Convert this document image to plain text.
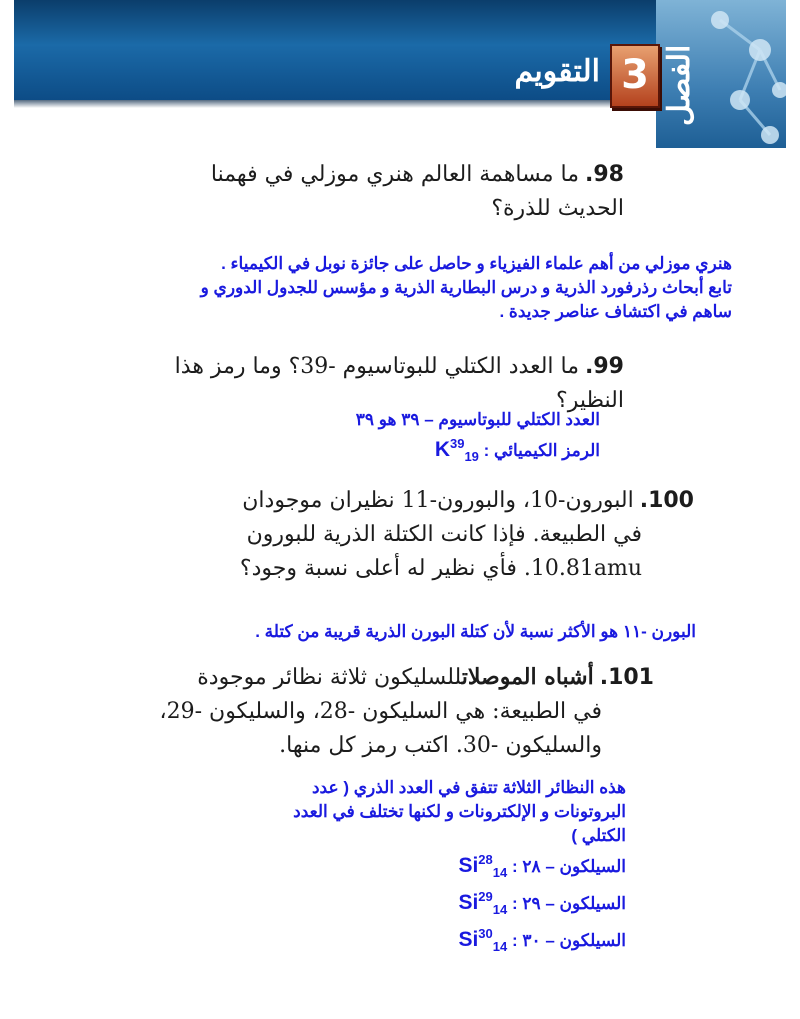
الفصل
3
التقويم
98.ما مساهمة العالم هنري موزلي في فهمنا الحديث للذرة؟
هنري موزلي من أهم علماء الفيزياء و حاصل على جائزة نوبل في الكيمياء .
تابع أبحاث رذرفورد الذرية و درس البطارية الذرية و مؤسس للجدول الدوري و
ساهم في اكتشاف عناصر جديدة .
99.ما العدد الكتلي للبوتاسيوم -39؟ وما رمز هذا النظير؟
العدد الكتلي للبوتاسيوم – ٣٩ هو ٣٩
الرمز الكيميائي : $K^{39}_{19}$
100.البورون-10، والبورون-11 نظيران موجودان
في الطبيعة. فإذا كانت الكتلة الذرية للبورون
10.81amu. فأي نظير له أعلى نسبة وجود؟
البورن -١١ هو الأكثر نسبة لأن كتلة البورن الذرية قريبة من كتلة .
101.أشباه الموصلاتللسليكون ثلاثة نظائر موجودة
في الطبيعة: هي السليكون -28، والسليكون -29،
والسليكون -30. اكتب رمز كل منها.
هذه النظائر الثلاثة تتفق في العدد الذري ( عدد
البروتونات و الإلكترونات و لكنها تختلف في العدد
الكتلي )
السيلكون – ٢٨ : $Si^{28}_{14}$
السيلكون – ٢٩ : $Si^{29}_{14}$
السيلكون – ٣٠ : $Si^{30}_{14}$
